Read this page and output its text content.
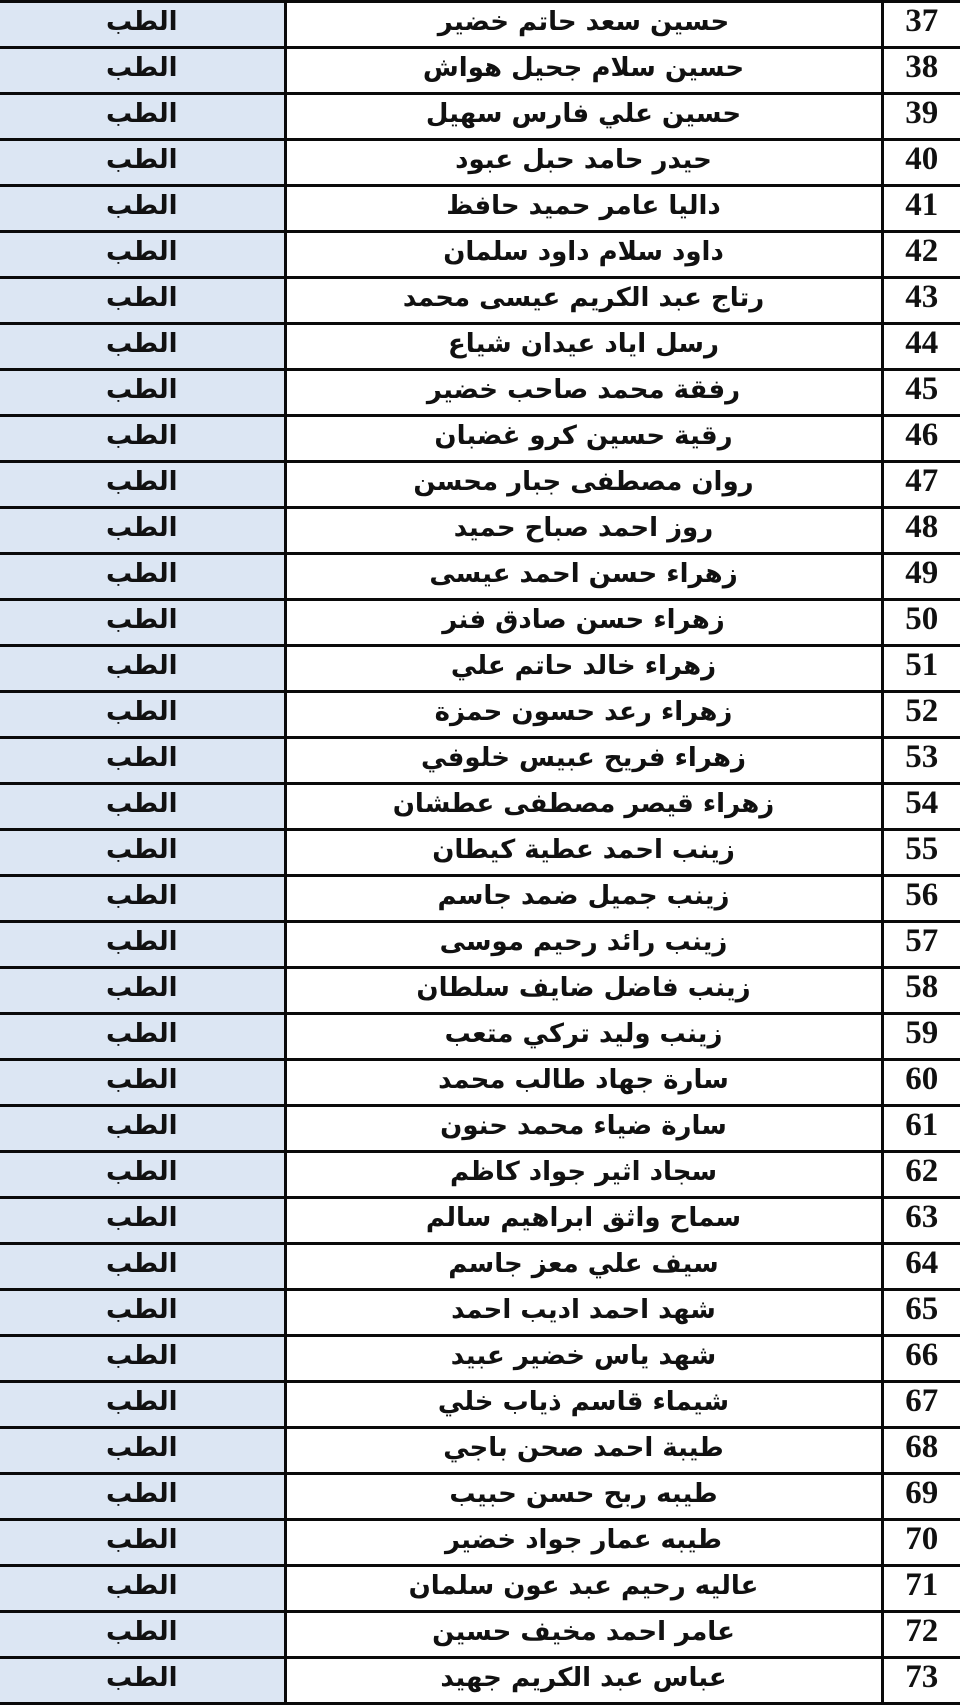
37	حسين سعد حاتم خضير	الطب
38	حسين سلام جحيل هواش	الطب
39	حسين علي فارس سهيل	الطب
40	حيدر حامد حبل عبود	الطب
41	داليا عامر حميد حافظ	الطب
42	داود سلام داود سلمان	الطب
43	رتاج عبد الكريم عيسى محمد	الطب
44	رسل اياد عيدان شياع	الطب
45	رفقة محمد صاحب خضير	الطب
46	رقية حسين كرو غضبان	الطب
47	روان مصطفى جبار محسن	الطب
48	روز احمد صباح حميد	الطب
49	زهراء حسن احمد عيسى	الطب
50	زهراء حسن صادق فنر	الطب
51	زهراء خالد حاتم علي	الطب
52	زهراء رعد حسون حمزة	الطب
53	زهراء فريح عبيس خلوفي	الطب
54	زهراء قيصر مصطفى عطشان	الطب
55	زينب احمد عطية كيطان	الطب
56	زينب جميل ضمد جاسم	الطب
57	زينب رائد رحيم موسى	الطب
58	زينب فاضل ضايف سلطان	الطب
59	زينب وليد تركي متعب	الطب
60	سارة جهاد طالب محمد	الطب
61	سارة ضياء محمد حنون	الطب
62	سجاد اثير جواد كاظم	الطب
63	سماح واثق ابراهيم سالم	الطب
64	سيف علي معز جاسم	الطب
65	شهد احمد اديب احمد	الطب
66	شهد ياس خضير عبيد	الطب
67	شيماء قاسم ذياب خلي	الطب
68	طيبة احمد صحن باجي	الطب
69	طيبه ربح حسن حبيب	الطب
70	طيبه عمار جواد خضير	الطب
71	عاليه رحيم عبد عون سلمان	الطب
72	عامر احمد مخيف حسين	الطب
73	عباس عبد الكريم جهيد	الطب
